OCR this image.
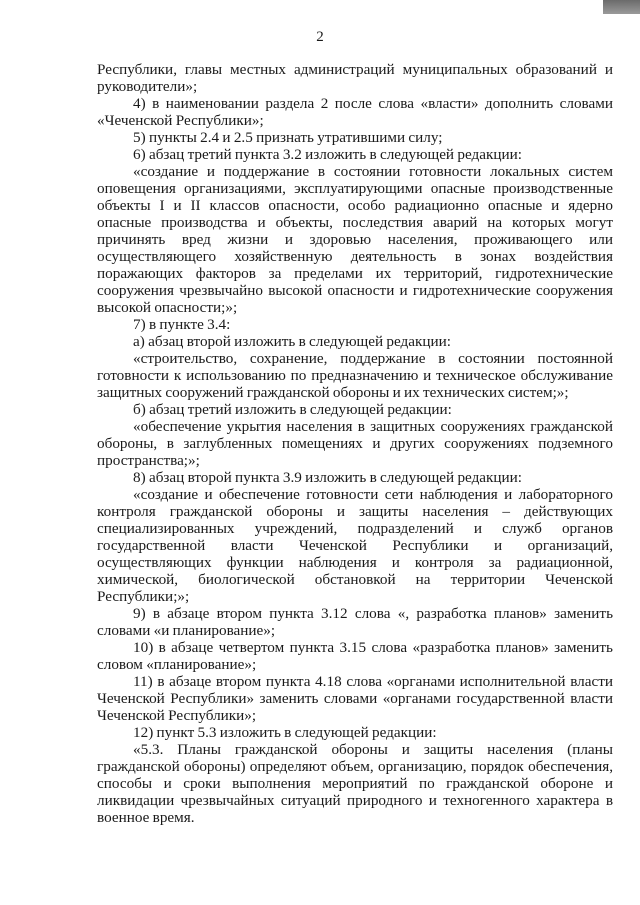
2

Республики, главы местных администраций муниципальных образований и руководители»;

4) в наименовании раздела 2 после слова «власти» дополнить словами «Чеченской Республики»;

5) пункты 2.4 и 2.5 признать утратившими силу;

6) абзац третий пункта 3.2 изложить в следующей редакции:

«создание и поддержание в состоянии готовности локальных систем оповещения организациями, эксплуатирующими опасные производственные объекты I и II классов опасности, особо радиационно опасные и ядерно опасные производства и объекты, последствия аварий на которых могут причинять вред жизни и здоровью населения, проживающего или осуществляющего хозяйственную деятельность в зонах воздействия поражающих факторов за пределами их территорий, гидротехнические сооружения чрезвычайно высокой опасности и гидротехнические сооружения высокой опасности;»;

7) в пункте 3.4:

а) абзац второй изложить в следующей редакции:

«строительство, сохранение, поддержание в состоянии постоянной готовности к использованию по предназначению и техническое обслуживание защитных сооружений гражданской обороны и их технических систем;»;

б) абзац третий изложить в следующей редакции:

«обеспечение укрытия населения в защитных сооружениях гражданской обороны, в заглубленных помещениях и других сооружениях подземного пространства;»;

8) абзац второй пункта 3.9 изложить в следующей редакции:

«создание и обеспечение готовности сети наблюдения и лабораторного контроля гражданской обороны и защиты населения – действующих специализированных учреждений, подразделений и служб органов государственной власти Чеченской Республики и организаций, осуществляющих функции наблюдения и контроля за радиационной, химической, биологической обстановкой на территории Чеченской Республики;»;

9) в абзаце втором пункта 3.12 слова «, разработка планов» заменить словами «и планирование»;

10) в абзаце четвертом пункта 3.15 слова «разработка планов» заменить словом «планирование»;

11) в абзаце втором пункта 4.18 слова «органами исполнительной власти Чеченской Республики» заменить словами «органами государственной власти Чеченской Республики»;

12) пункт 5.3 изложить в следующей редакции:

«5.3. Планы гражданской обороны и защиты населения (планы гражданской обороны) определяют объем, организацию, порядок обеспечения, способы и сроки выполнения мероприятий по гражданской обороне и ликвидации чрезвычайных ситуаций природного и техногенного характера в военное время.
